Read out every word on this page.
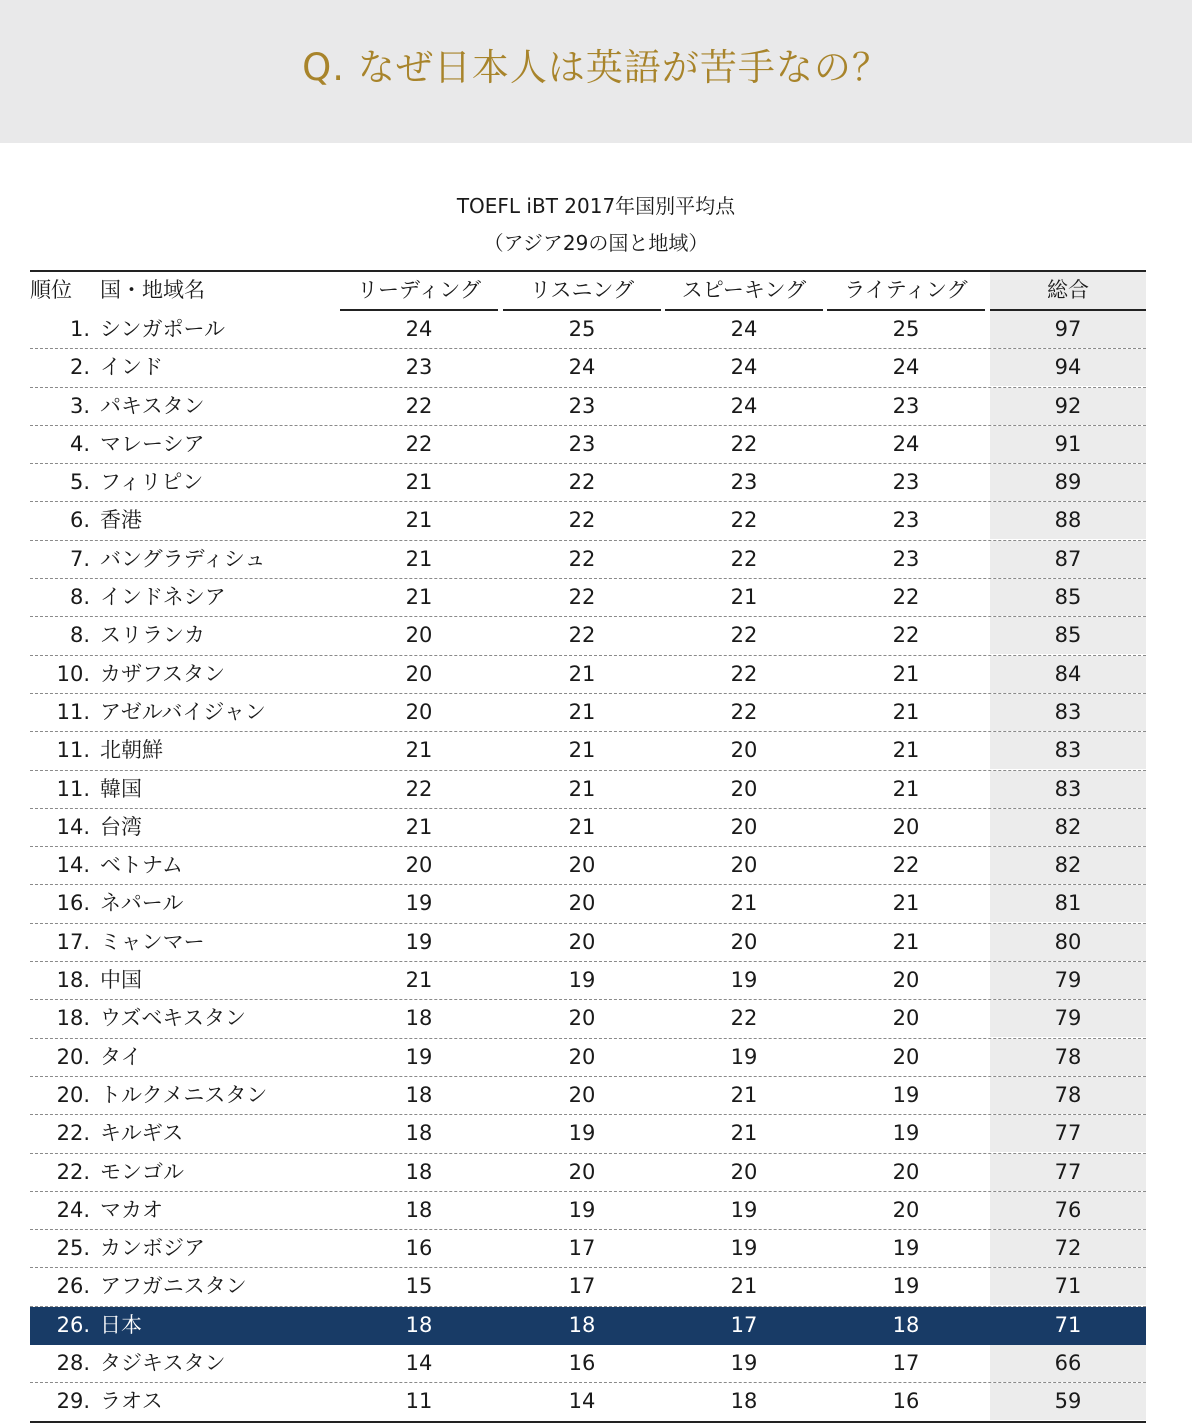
Q. なぜ日本人は英語が苦手なの？
TOEFL iBT 2017年国別平均点
（アジア29の国と地域）
順位	国・地域名	リーディング	リスニング	スピーキング	ライティング	総合
1. シンガポール	24	25	24	25	97
2. インド	23	24	24	24	94
3. パキスタン	22	23	24	23	92
4. マレーシア	22	23	22	24	91
5. フィリピン	21	22	23	23	89
6. 香港	21	22	22	23	88
7. バングラディシュ	21	22	22	23	87
8. インドネシア	21	22	21	22	85
8. スリランカ	20	22	22	22	85
10. カザフスタン	20	21	22	21	84
11. アゼルバイジャン	20	21	22	21	83
11. 北朝鮮	21	21	20	21	83
11. 韓国	22	21	20	21	83
14. 台湾	21	21	20	20	82
14. ベトナム	20	20	20	22	82
16. ネパール	19	20	21	21	81
17. ミャンマー	19	20	20	21	80
18. 中国	21	19	19	20	79
18. ウズベキスタン	18	20	22	20	79
20. タイ	19	20	19	20	78
20. トルクメニスタン	18	20	21	19	78
22. キルギス	18	19	21	19	77
22. モンゴル	18	20	20	20	77
24. マカオ	18	19	19	20	76
25. カンボジア	16	17	19	19	72
26. アフガニスタン	15	17	21	19	71
26. 日本	18	18	17	18	71
28. タジキスタン	14	16	19	17	66
29. ラオス	11	14	18	16	59
